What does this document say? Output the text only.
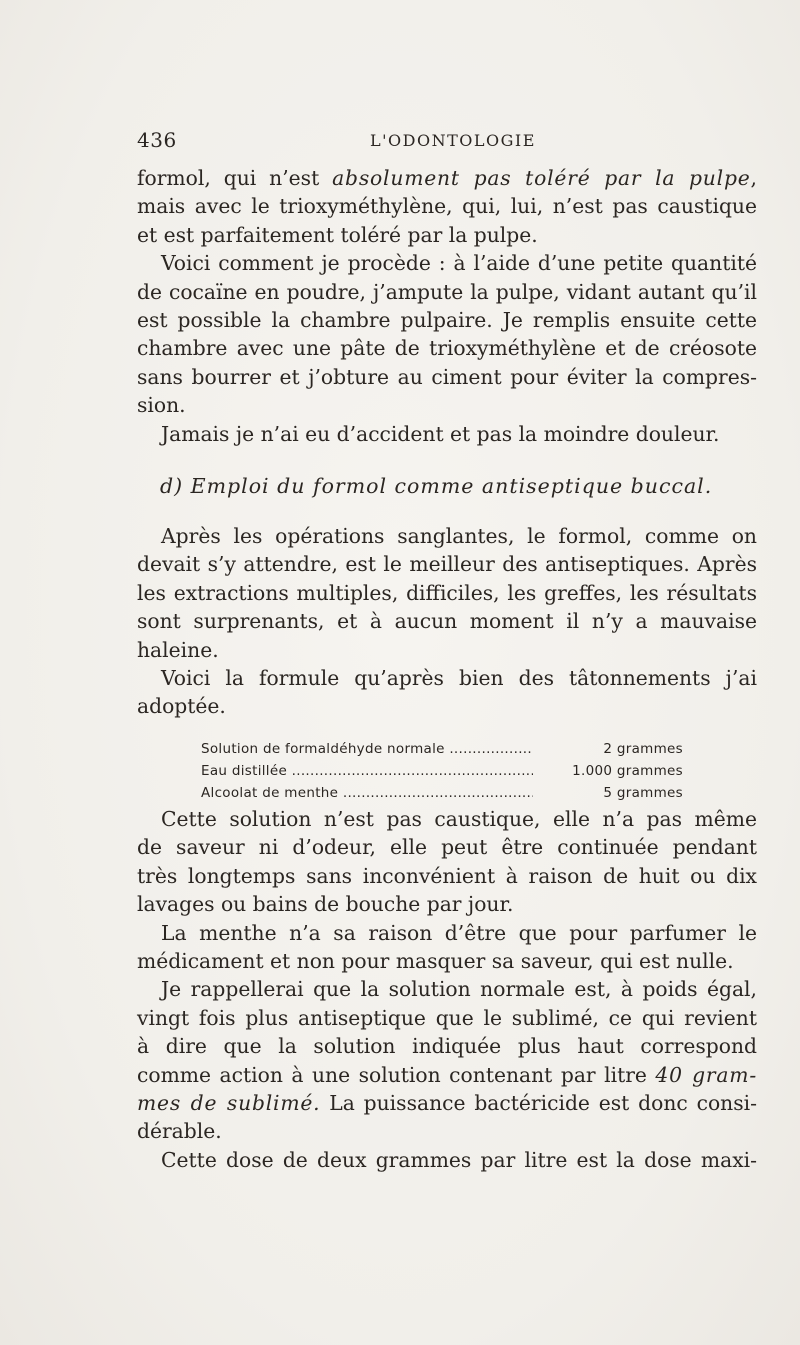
436	L'ODONTOLOGIE
formol, qui n’est absolument pas toléré par la pulpe,
mais avec le trioxyméthylène, qui, lui, n’est pas caustique
et est parfaitement toléré par la pulpe.
Voici comment je procède : à l’aide d’une petite quantité
de cocaïne en poudre, j’ampute la pulpe, vidant autant qu’il
est possible la chambre pulpaire. Je remplis ensuite cette
chambre avec une pâte de trioxyméthylène et de créosote
sans bourrer et j’obture au ciment pour éviter la compres-
sion.
Jamais je n’ai eu d’accident et pas la moindre douleur.
d) Emploi du formol comme antiseptique buccal.
Après les opérations sanglantes, le formol, comme on
devait s’y attendre, est le meilleur des antiseptiques. Après
les extractions multiples, difficiles, les greffes, les résultats
sont surprenants, et à aucun moment il n’y a mauvaise
haleine.
Voici la formule qu’après bien des tâtonnements j’ai
adoptée.
Solution de formaldéhyde normale .....	2 grammes
Eau distillée .....	1.000 grammes
Alcoolat de menthe .....	5 grammes
Cette solution n’est pas caustique, elle n’a pas même
de saveur ni d’odeur, elle peut être continuée pendant
très longtemps sans inconvénient à raison de huit ou dix
lavages ou bains de bouche par jour.
La menthe n’a sa raison d’être que pour parfumer le
médicament et non pour masquer sa saveur, qui est nulle.
Je rappellerai que la solution normale est, à poids égal,
vingt fois plus antiseptique que le sublimé, ce qui revient
à dire que la solution indiquée plus haut correspond
comme action à une solution contenant par litre 40 gram-
mes de sublimé. La puissance bactéricide est donc consi-
dérable.
Cette dose de deux grammes par litre est la dose maxi-
